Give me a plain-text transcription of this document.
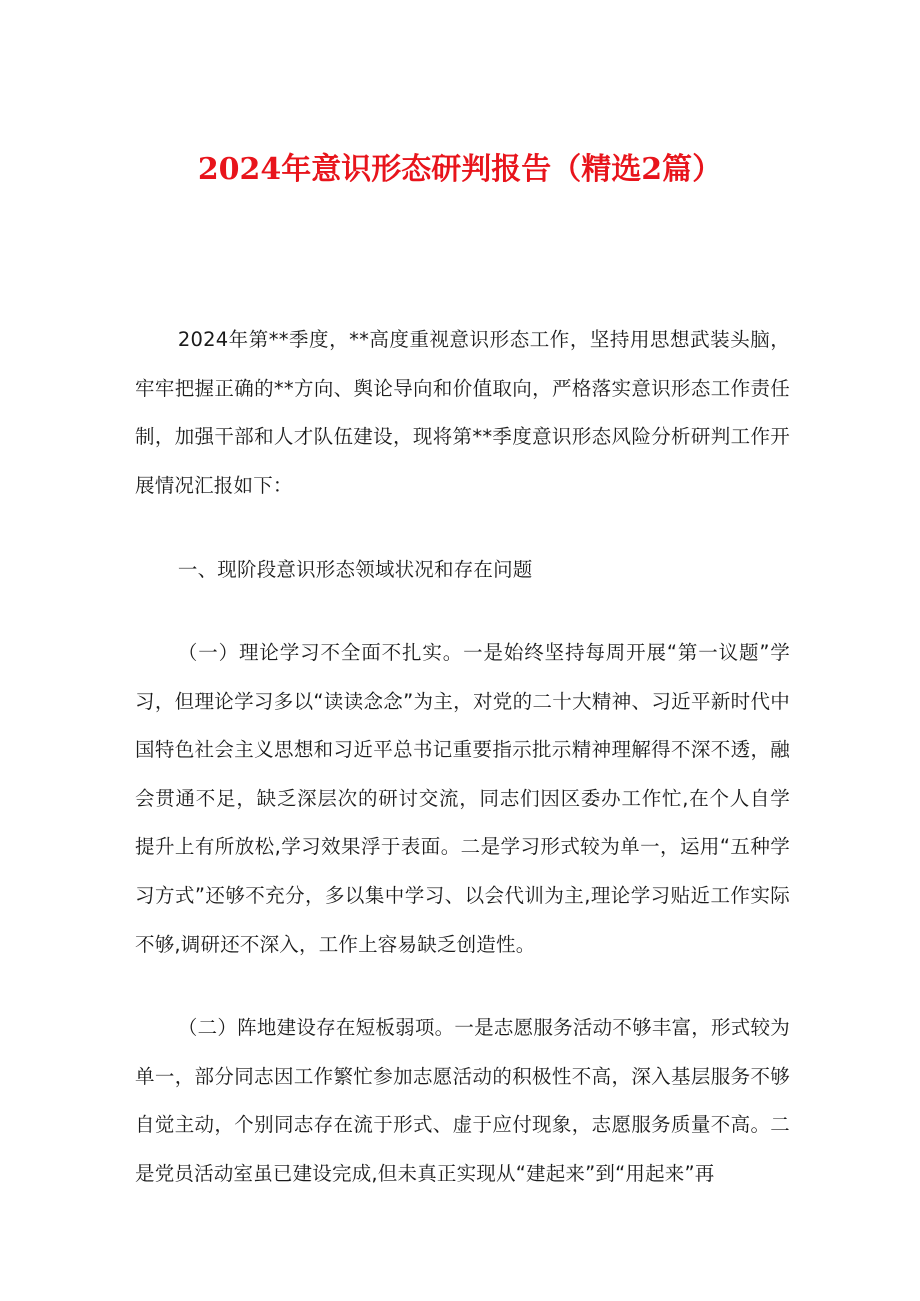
2024年意识形态研判报告（精选2篇）

2024年第**季度，**高度重视意识形态工作，坚持用思想武装头脑，牢牢把握正确的**方向、舆论导向和价值取向，严格落实意识形态工作责任制，加强干部和人才队伍建设，现将第**季度意识形态风险分析研判工作开展情况汇报如下：

一、现阶段意识形态领域状况和存在问题

（一）理论学习不全面不扎实。一是始终坚持每周开展“第一议题”学习，但理论学习多以“读读念念”为主，对党的二十大精神、习近平新时代中国特色社会主义思想和习近平总书记重要指示批示精神理解得不深不透，融会贯通不足，缺乏深层次的研讨交流，同志们因区委办工作忙,在个人自学提升上有所放松,学习效果浮于表面。二是学习形式较为单一，运用“五种学习方式”还够不充分，多以集中学习、以会代训为主,理论学习贴近工作实际不够,调研还不深入，工作上容易缺乏创造性。

（二）阵地建设存在短板弱项。一是志愿服务活动不够丰富，形式较为单一，部分同志因工作繁忙参加志愿活动的积极性不高，深入基层服务不够自觉主动，个别同志存在流于形式、虚于应付现象，志愿服务质量不高。二是党员活动室虽已建设完成,但未真正实现从“建起来”到“用起来”再
